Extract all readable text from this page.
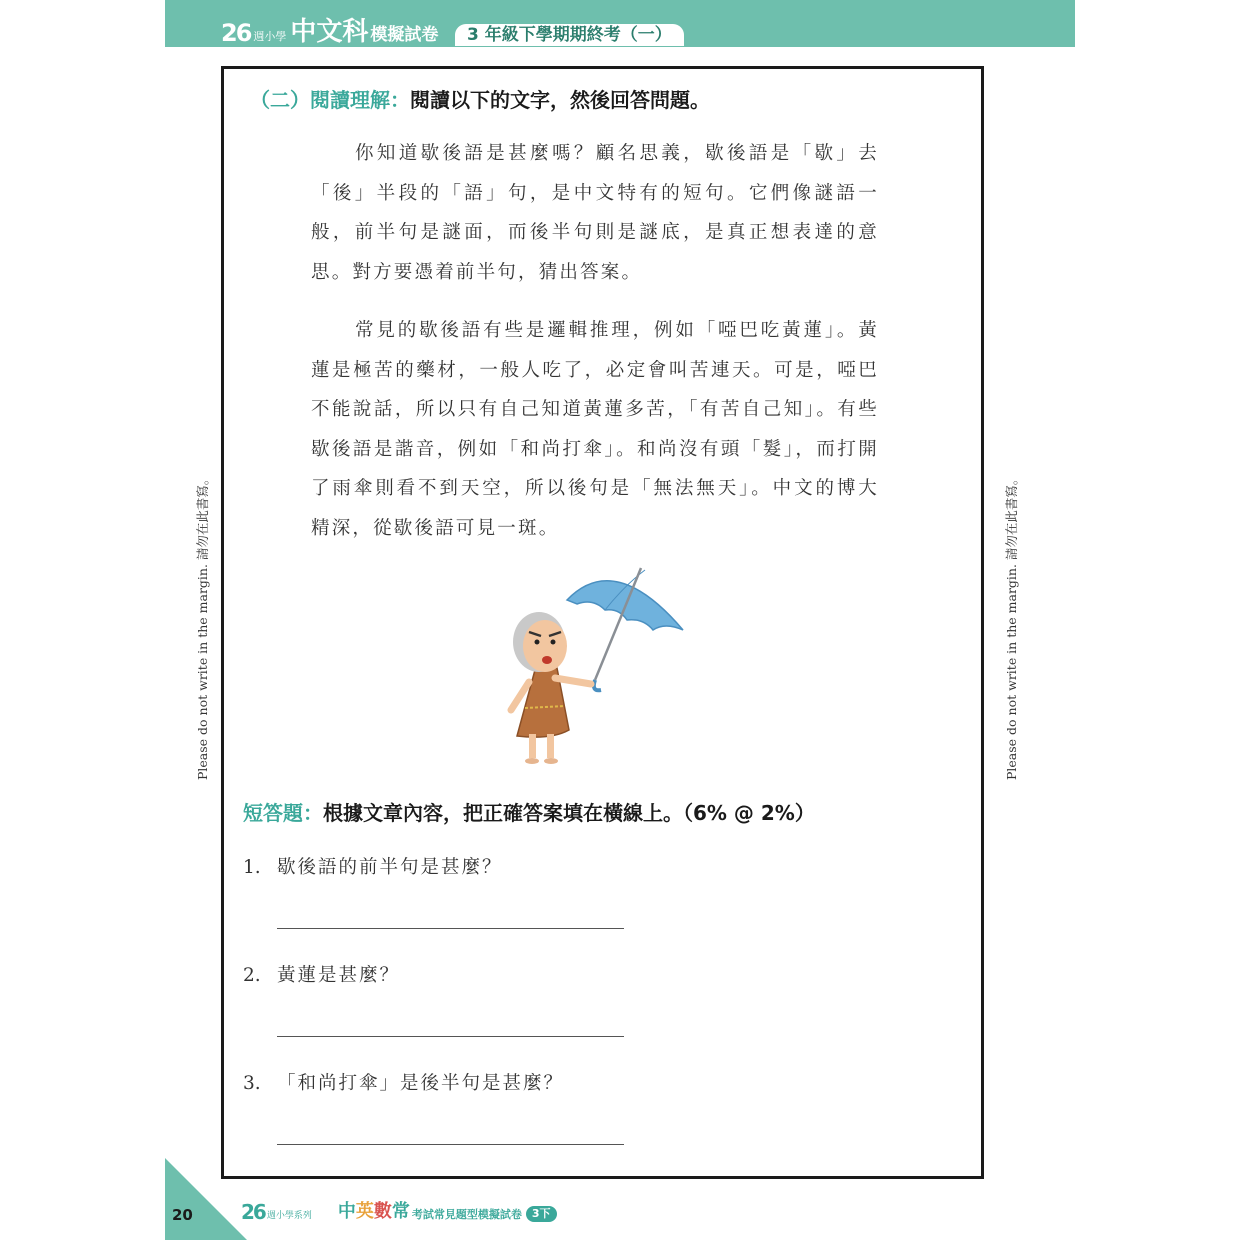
26 週小學 中文科 模擬試卷	3 年級下學期期終考（一）
（二）閱讀理解：閱讀以下的文字，然後回答問題。

你知道歇後語是甚麼嗎？顧名思義，歇後語是「歇」去「後」半段的「語」句，是中文特有的短句。它們像謎語一般，前半句是謎面，而後半句則是謎底，是真正想表達的意思。對方要憑着前半句，猜出答案。

常見的歇後語有些是邏輯推理，例如「啞巴吃黃蓮」。黃蓮是極苦的藥材，一般人吃了，必定會叫苦連天。可是，啞巴不能說話，所以只有自己知道黃蓮多苦，「有苦自己知」。有些歇後語是諧音，例如「和尚打傘」。和尚沒有頭「髮」，而打開了雨傘則看不到天空，所以後句是「無法無天」。中文的博大精深，從歇後語可見一斑。

短答題：根據文章內容，把正確答案填在橫線上。（6% @ 2%）
1. 歇後語的前半句是甚麼？
2. 黃蓮是甚麼？
3. 「和尚打傘」是後半句是甚麼？
Please do not write in the margin. 請勿在此書寫。	Please do not write in the margin. 請勿在此書寫。
20 26 週小學系列 中英數常 考試常見題型模擬試卷 3下
